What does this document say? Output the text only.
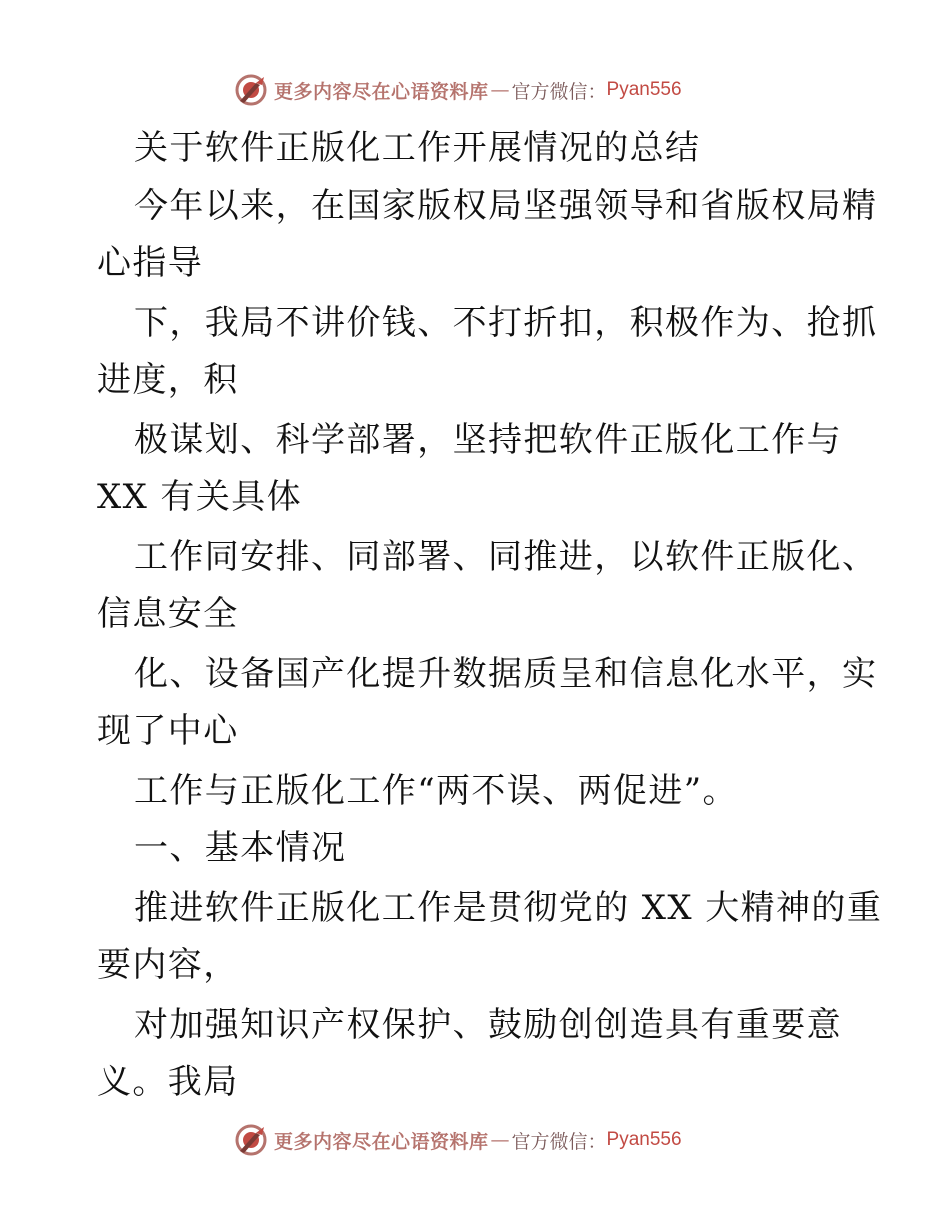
更多内容尽在心语资料库 — 官方微信： Pyan556
关于软件正版化工作开展情况的总结
今年以来，在国家版权局坚强领导和省版权局精
心指导
下，我局不讲价钱、不打折扣，积极作为、抢抓
进度，积
极谋划、科学部署，坚持把软件正版化工作与
XX 有关具体
工作同安排、同部署、同推进，以软件正版化、
信息安全
化、设备国产化提升数据质呈和信息化水平，实
现了中心
工作与正版化工作“两不误、两促进”。
一、基本情况
推进软件正版化工作是贯彻党的 XX 大精神的重
要内容，
对加强知识产权保护、鼓励创创造具有重要意
义。我局
更多内容尽在心语资料库 — 官方微信： Pyan556
